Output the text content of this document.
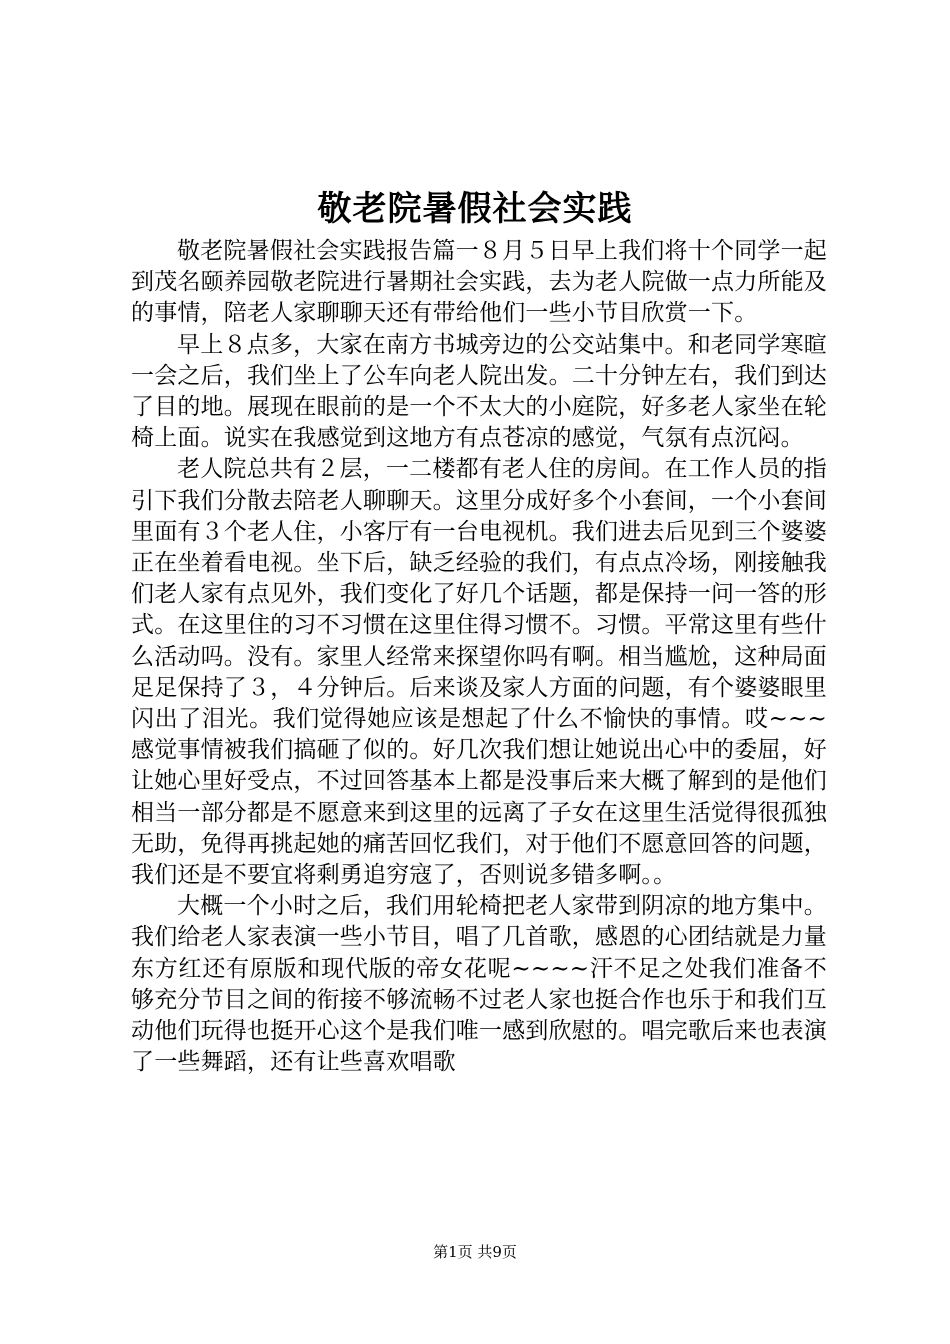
敬老院暑假社会实践

敬老院暑假社会实践报告篇一８月５日早上我们将十个同学一起到茂名颐养园敬老院进行暑期社会实践，去为老人院做一点力所能及的事情，陪老人家聊聊天还有带给他们一些小节目欣赏一下。

早上８点多，大家在南方书城旁边的公交站集中。和老同学寒暄一会之后，我们坐上了公车向老人院出发。二十分钟左右，我们到达了目的地。展现在眼前的是一个不太大的小庭院，好多老人家坐在轮椅上面。说实在我感觉到这地方有点苍凉的感觉，气氛有点沉闷。

老人院总共有２层，一二楼都有老人住的房间。在工作人员的指引下我们分散去陪老人聊聊天。这里分成好多个小套间，一个小套间里面有３个老人住，小客厅有一台电视机。我们进去后见到三个婆婆正在坐着看电视。坐下后，缺乏经验的我们，有点点冷场，刚接触我们老人家有点见外，我们变化了好几个话题，都是保持一问一答的形式。在这里住的习不习惯在这里住得习惯不。习惯。平常这里有些什么活动吗。没有。家里人经常来探望你吗有啊。相当尴尬，这种局面足足保持了３，４分钟后。后来谈及家人方面的问题，有个婆婆眼里闪出了泪光。我们觉得她应该是想起了什么不愉快的事情。哎~~~感觉事情被我们搞砸了似的。好几次我们想让她说出心中的委屈，好让她心里好受点，不过回答基本上都是没事后来大概了解到的是他们相当一部分都是不愿意来到这里的远离了子女在这里生活觉得很孤独无助，免得再挑起她的痛苦回忆我们，对于他们不愿意回答的问题，我们还是不要宜将剩勇追穷寇了，否则说多错多啊。。

大概一个小时之后，我们用轮椅把老人家带到阴凉的地方集中。我们给老人家表演一些小节目，唱了几首歌，感恩的心团结就是力量东方红还有原版和现代版的帝女花呢~~~~汗不足之处我们准备不够充分节目之间的衔接不够流畅不过老人家也挺合作也乐于和我们互动他们玩得也挺开心这个是我们唯一感到欣慰的。唱完歌后来也表演了一些舞蹈，还有让些喜欢唱歌

第1页 共9页
